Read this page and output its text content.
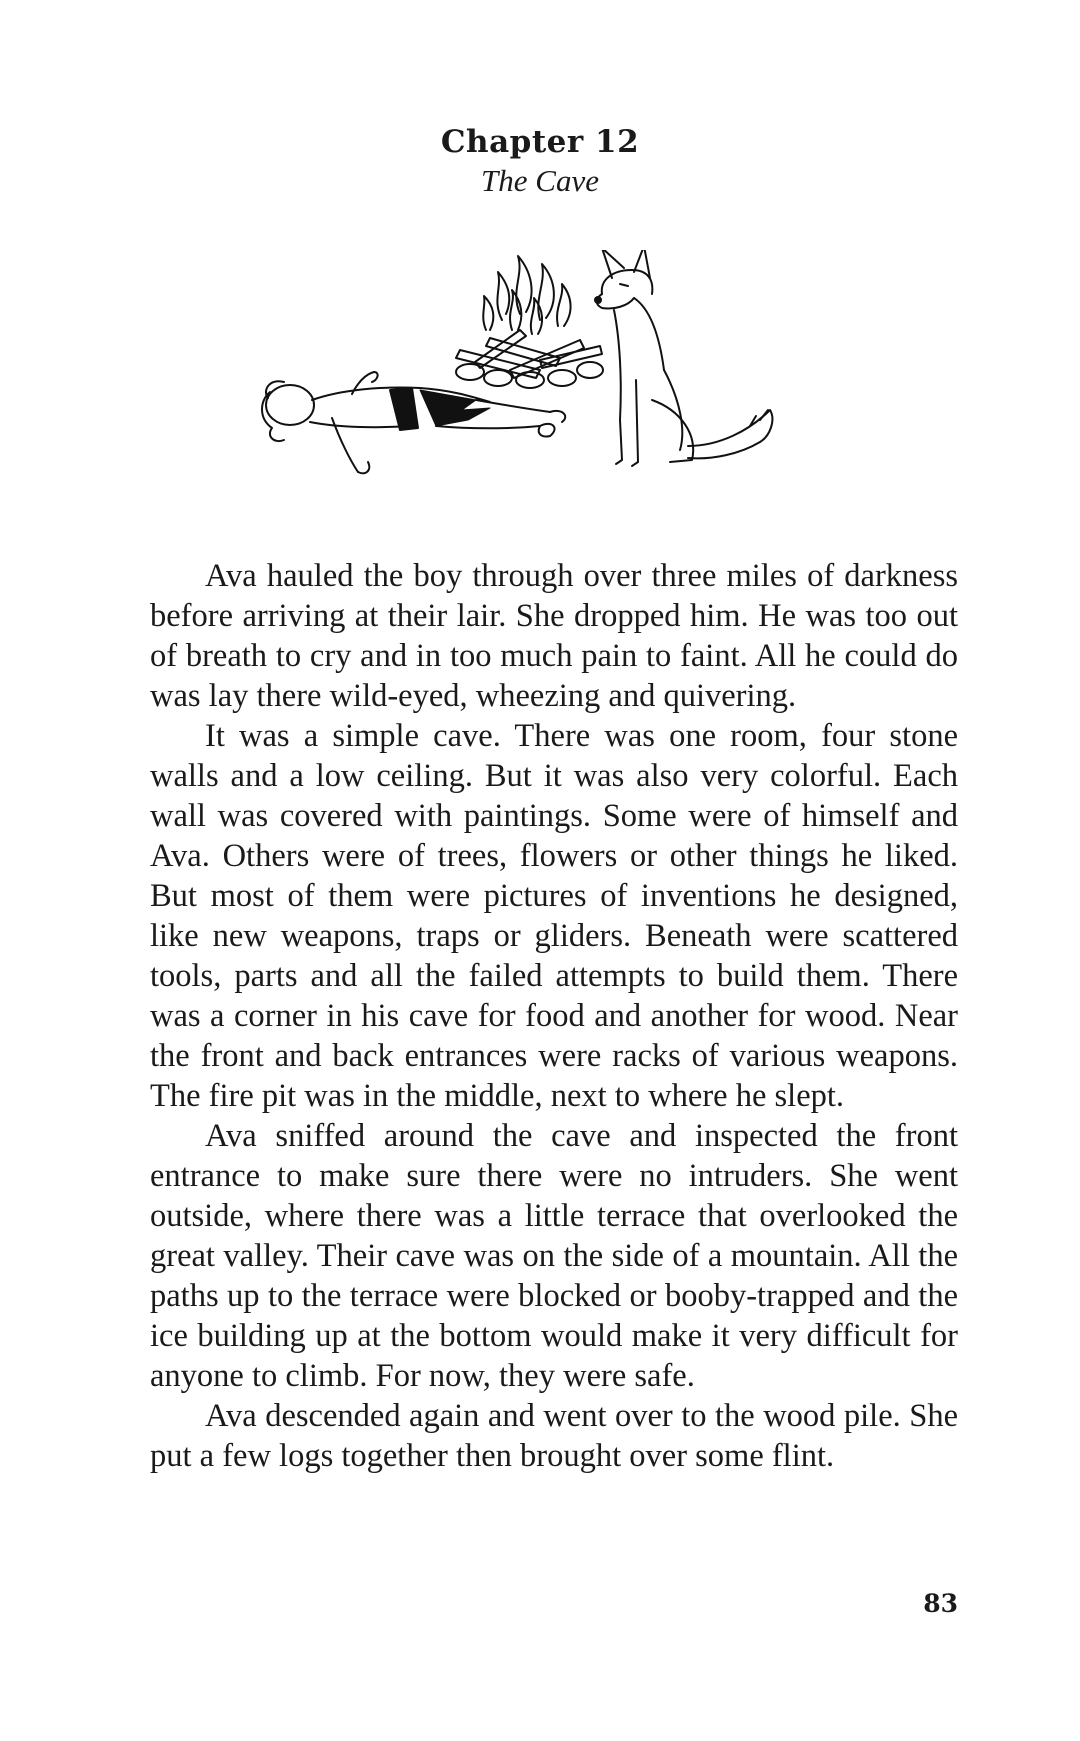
Chapter 12
The Cave

Ava hauled the boy through over three miles of darkness before arriving at their lair. She dropped him. He was too out of breath to cry and in too much pain to faint. All he could do was lay there wild-eyed, wheezing and quivering.

It was a simple cave. There was one room, four stone walls and a low ceiling. But it was also very colorful. Each wall was covered with paintings. Some were of himself and Ava. Others were of trees, flowers or other things he liked. But most of them were pictures of inventions he designed, like new weapons, traps or gliders. Beneath were scattered tools, parts and all the failed attempts to build them. There was a corner in his cave for food and another for wood. Near the front and back entrances were racks of various weapons. The fire pit was in the middle, next to where he slept.

Ava sniffed around the cave and inspected the front entrance to make sure there were no intruders. She went outside, where there was a little terrace that overlooked the great valley. Their cave was on the side of a mountain. All the paths up to the terrace were blocked or booby-trapped and the ice building up at the bottom would make it very difficult for anyone to climb. For now, they were safe.

Ava descended again and went over to the wood pile. She put a few logs together then brought over some flint.

83
